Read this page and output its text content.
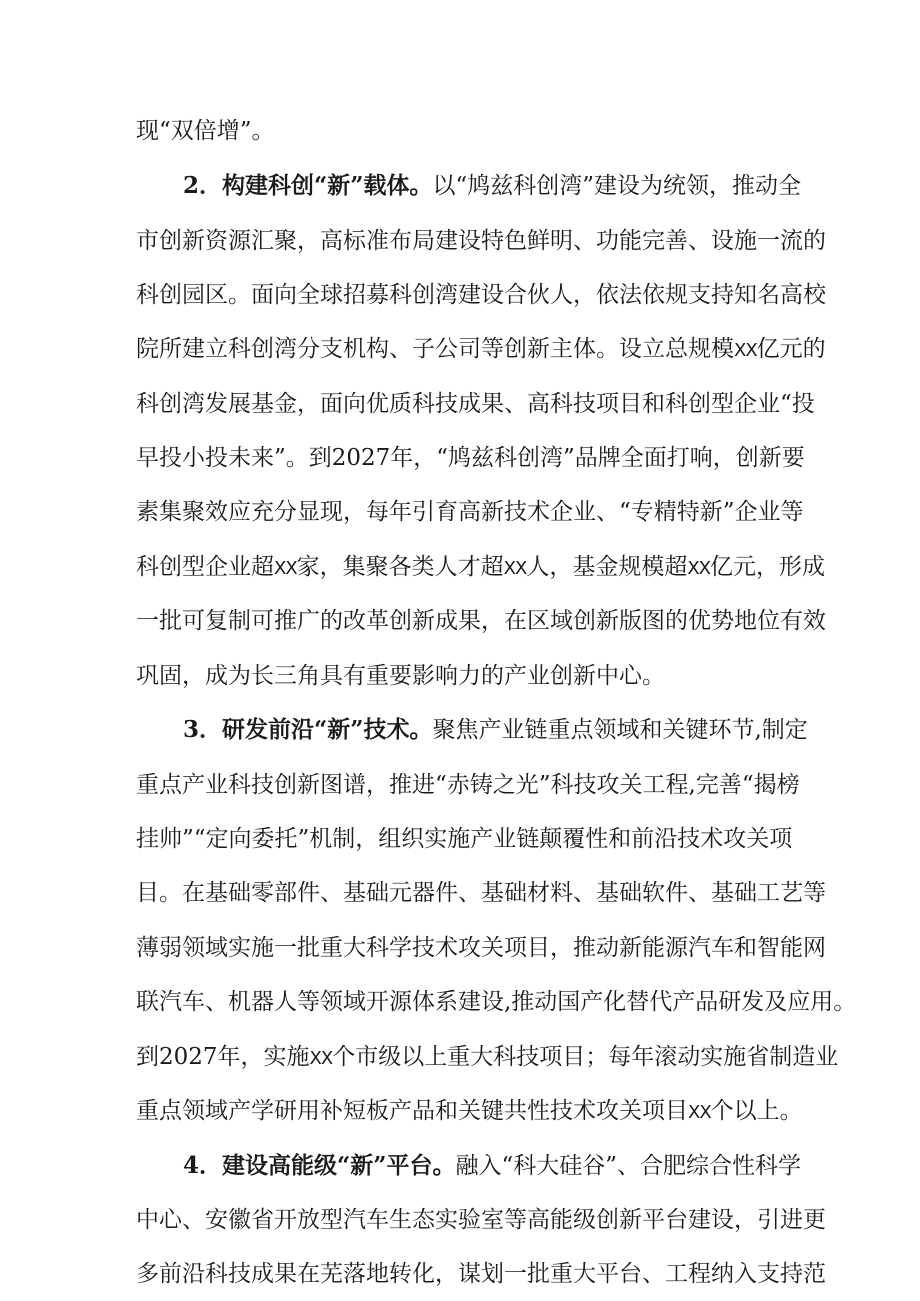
现“双倍增”。
2．构建科创“新”载体。以“鸠兹科创湾”建设为统领，推动全
市创新资源汇聚，高标准布局建设特色鲜明、功能完善、设施一流的
科创园区。面向全球招募科创湾建设合伙人，依法依规支持知名高校
院所建立科创湾分支机构、子公司等创新主体。设立总规模XX亿元的
科创湾发展基金，面向优质科技成果、高科技项目和科创型企业“投
早投小投未来”。到2027年，“鸠兹科创湾”品牌全面打响，创新要
素集聚效应充分显现，每年引育高新技术企业、“专精特新”企业等
科创型企业超XX家，集聚各类人才超XX人，基金规模超XX亿元，形成
一批可复制可推广的改革创新成果，在区域创新版图的优势地位有效
巩固，成为长三角具有重要影响力的产业创新中心。
3．研发前沿“新”技术。聚焦产业链重点领域和关键环节,制定
重点产业科技创新图谱，推进“赤铸之光”科技攻关工程,完善“揭榜
挂帅”“定向委托”机制，组织实施产业链颠覆性和前沿技术攻关项
目。在基础零部件、基础元器件、基础材料、基础软件、基础工艺等
薄弱领域实施一批重大科学技术攻关项目，推动新能源汽车和智能网
联汽车、机器人等领域开源体系建设,推动国产化替代产品研发及应用。
到2027年，实施XX个市级以上重大科技项目；每年滚动实施省制造业
重点领域产学研用补短板产品和关键共性技术攻关项目XX个以上。
4．建设高能级“新”平台。融入“科大硅谷”、合肥综合性科学
中心、安徽省开放型汽车生态实验室等高能级创新平台建设，引进更
多前沿科技成果在芜落地转化，谋划一批重大平台、工程纳入支持范
